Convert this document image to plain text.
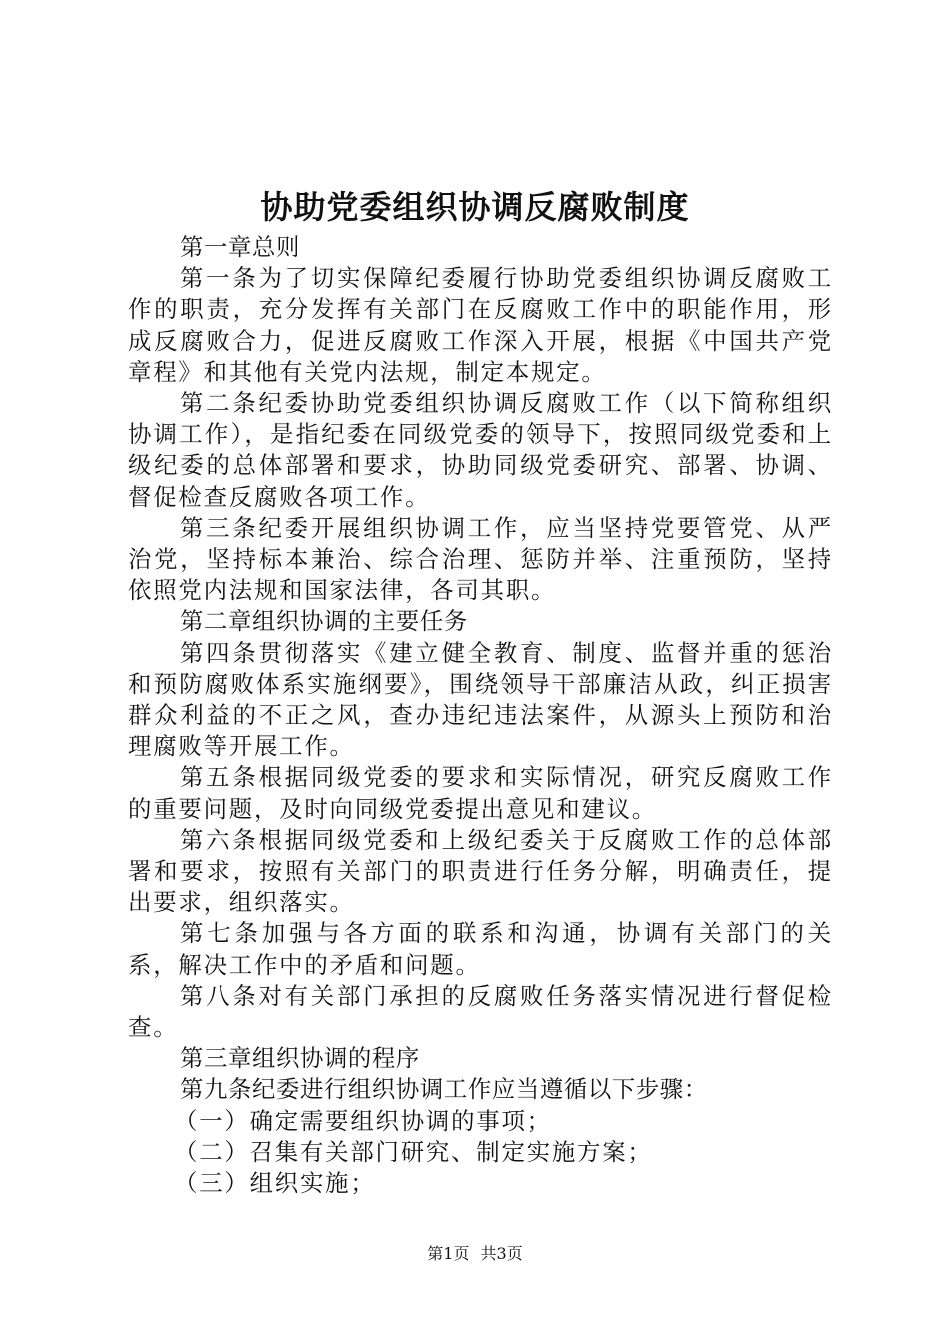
协助党委组织协调反腐败制度

第一章总则

第一条为了切实保障纪委履行协助党委组织协调反腐败工作的职责，充分发挥有关部门在反腐败工作中的职能作用，形成反腐败合力，促进反腐败工作深入开展，根据《中国共产党章程》和其他有关党内法规，制定本规定。

第二条纪委协助党委组织协调反腐败工作（以下简称组织协调工作），是指纪委在同级党委的领导下，按照同级党委和上级纪委的总体部署和要求，协助同级党委研究、部署、协调、督促检查反腐败各项工作。

第三条纪委开展组织协调工作，应当坚持党要管党、从严治党，坚持标本兼治、综合治理、惩防并举、注重预防，坚持依照党内法规和国家法律，各司其职。

第二章组织协调的主要任务

第四条贯彻落实《建立健全教育、制度、监督并重的惩治和预防腐败体系实施纲要》，围绕领导干部廉洁从政，纠正损害群众利益的不正之风，查办违纪违法案件，从源头上预防和治理腐败等开展工作。

第五条根据同级党委的要求和实际情况，研究反腐败工作的重要问题，及时向同级党委提出意见和建议。

第六条根据同级党委和上级纪委关于反腐败工作的总体部署和要求，按照有关部门的职责进行任务分解，明确责任，提出要求，组织落实。

第七条加强与各方面的联系和沟通，协调有关部门的关系，解决工作中的矛盾和问题。

第八条对有关部门承担的反腐败任务落实情况进行督促检查。

第三章组织协调的程序

第九条纪委进行组织协调工作应当遵循以下步骤：

（一）确定需要组织协调的事项；

（二）召集有关部门研究、制定实施方案；

（三）组织实施；

第1页 共3页
